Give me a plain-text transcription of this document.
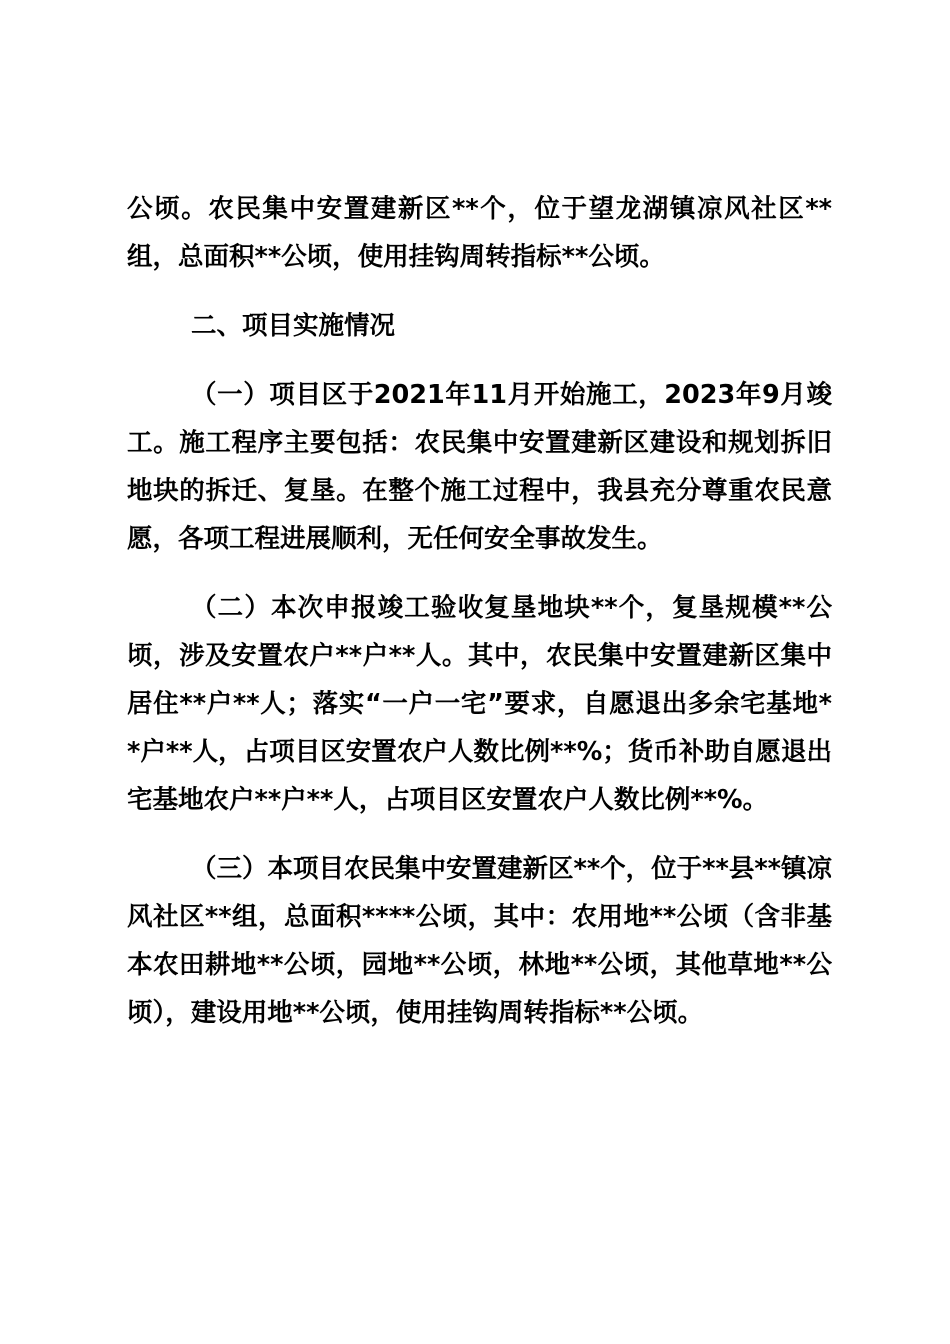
公顷。农民集中安置建新区**个，位于望龙湖镇凉风社区**
组，总面积**公顷，使用挂钩周转指标**公顷。
二、项目实施情况
（一）项目区于2021年11月开始施工，2023年9月竣
工。施工程序主要包括：农民集中安置建新区建设和规划拆旧
地块的拆迁、复垦。在整个施工过程中，我县充分尊重农民意
愿，各项工程进展顺利，无任何安全事故发生。
（二）本次申报竣工验收复垦地块**个，复垦规模**公
顷，涉及安置农户**户**人。其中，农民集中安置建新区集中
居住**户**人；落实“一户一宅”要求，自愿退出多余宅基地*
*户**人，占项目区安置农户人数比例**%；货币补助自愿退出
宅基地农户**户**人，占项目区安置农户人数比例**%。
（三）本项目农民集中安置建新区**个，位于**县**镇凉
风社区**组，总面积****公顷，其中：农用地**公顷（含非基
本农田耕地**公顷，园地**公顷，林地**公顷，其他草地**公
顷），建设用地**公顷，使用挂钩周转指标**公顷。
